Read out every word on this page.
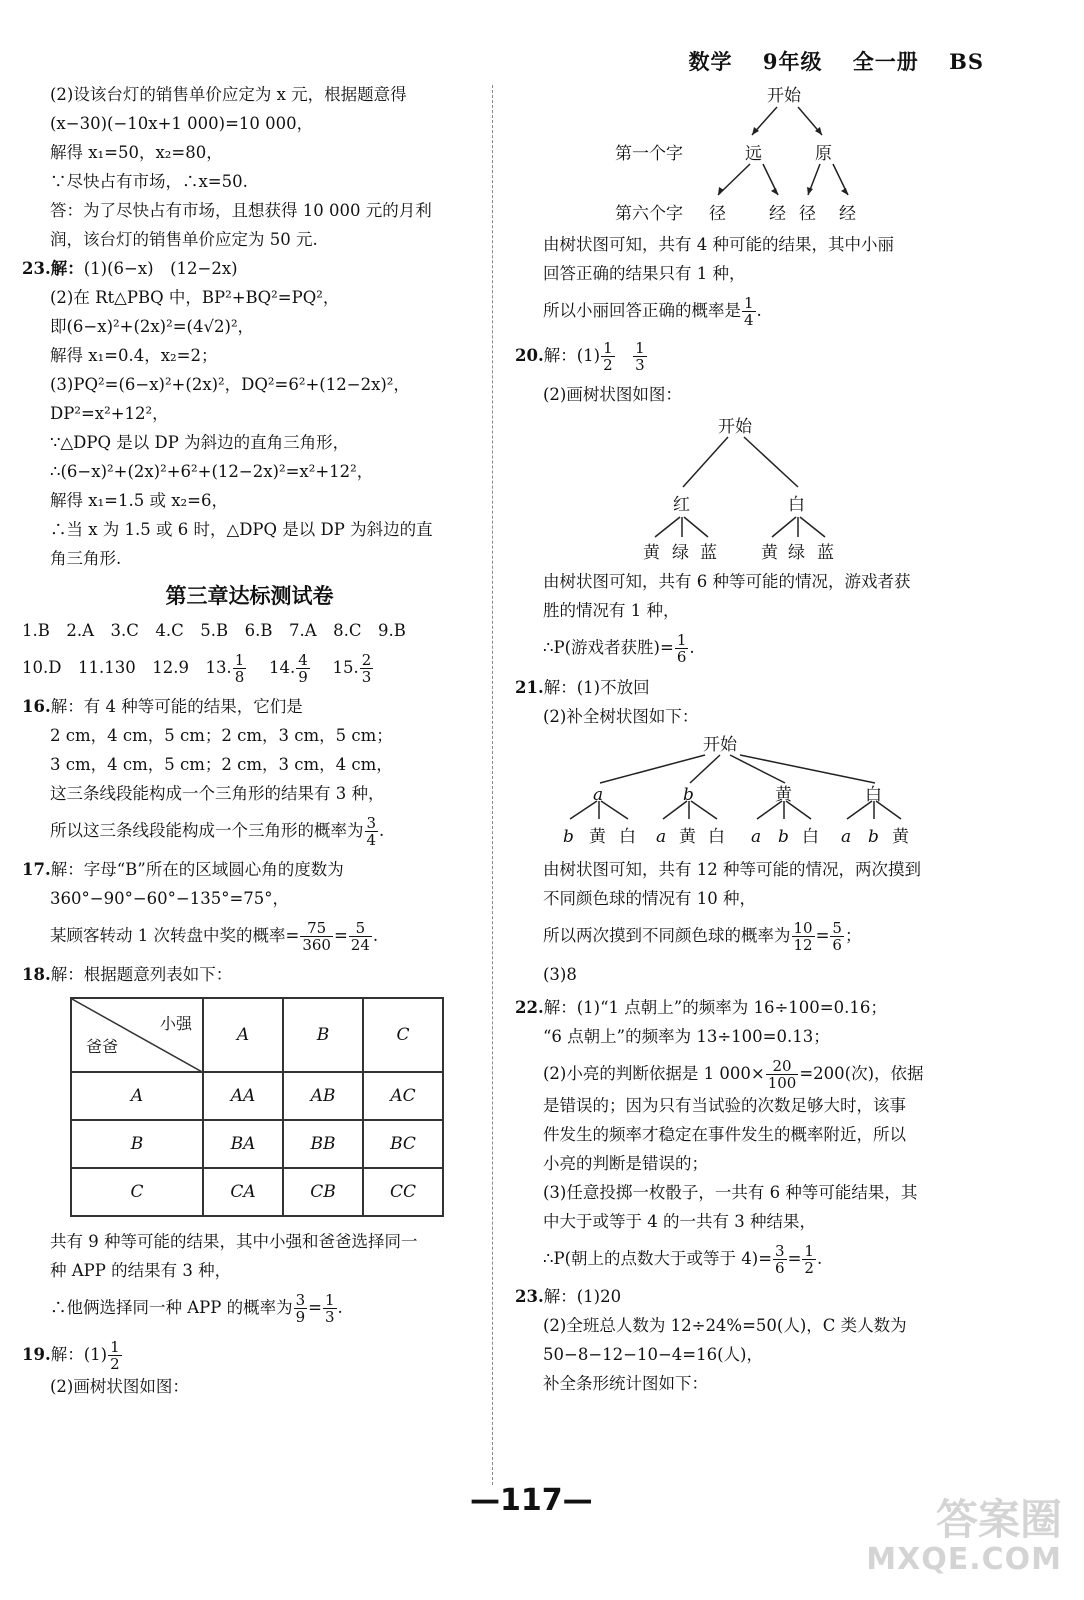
数学 9年级 全一册 BS
(2)设该台灯的销售单价应定为 x 元，根据题意得
(x−30)(−10x+1 000)=10 000，
解得 x₁=50，x₂=80，
∵尽快占有市场，∴x=50.
答：为了尽快占有市场，且想获得 10 000 元的月利
润，该台灯的销售单价应定为 50 元.
23.解：(1)(6−x)　(12−2x)
(2)在 Rt△PBQ 中，BP²+BQ²=PQ²，
即(6−x)²+(2x)²=(4√2)²，
解得 x₁=0.4，x₂=2；
(3)PQ²=(6−x)²+(2x)²，DQ²=6²+(12−2x)²，
DP²=x²+12²，
∵△DPQ 是以 DP 为斜边的直角三角形，
∴(6−x)²+(2x)²+6²+(12−2x)²=x²+12²，
解得 x₁=1.5 或 x₂=6，
∴当 x 为 1.5 或 6 时，△DPQ 是以 DP 为斜边的直
角三角形.
第三章达标测试卷
1.B　2.A　3.C　4.C　5.B　6.B　7.A　8.C　9.B
10.D　11.130　12.9　13. $\frac{1}{8}$
　 14. $\frac{4}{9}$
　 15. $\frac{2}{3}$
16.解：有 4 种等可能的结果，它们是
2 cm，4 cm，5 cm；2 cm，3 cm，5 cm；
3 cm，4 cm，5 cm；2 cm，3 cm，4 cm，
这三条线段能构成一个三角形的结果有 3 种，
所以这三条线段能构成一个三角形的概率为 $\frac{3}{4}$ .
17.解：字母“B”所在的区域圆心角的度数为
360°−90°−60°−135°=75°，
某顾客转动 1 次转盘中奖的概率= $\frac{75}{360} = \frac{5}{24}$ .
18.解：根据题意列表如下：
小强
爸爸	A	B	C
A	AA	AB	AC
B	BA	BB	BC
C	CA	CB	CC
共有 9 种等可能的结果，其中小强和爸爸选择同一
种 APP 的结果有 3 种，
∴他俩选择同一种 APP 的概率为 $\frac{3}{9} = \frac{1}{3}$ .
19.解：$(1) \frac{1}{2}$
(2)画树状图如图：
开始
第一个字	远	原
第六个字 径	经 径 经
由树状图可知，共有 4 种可能的结果，其中小丽
回答正确的结果只有 1 种，
所以小丽回答正确的概率是 $\frac{1}{4}$ .
20.解：$(1) \frac{1}{2}$
　 $\frac{1}{3}$
(2)画树状图如图：
开始
红	白
黄 绿 蓝	黄 绿 蓝
由树状图可知，共有 6 种等可能的情况，游戏者获
胜的情况有 1 种，
∴P(游戏者获胜)= $\frac{1}{6}$ .
21.解：(1)不放回
(2)补全树状图如下：
开始
a	b	黄	白
b 黄 白 a 黄 白 a b 白 a b 黄
由树状图可知，共有 12 种等可能的情况，两次摸到
不同颜色球的情况有 10 种，
所以两次摸到不同颜色球的概率为 $\frac{10}{12} = \frac{5}{6}$ ；
(3)8
22.解：(1)“1 点朝上”的频率为 16÷100=0.16；
“6 点朝上”的频率为 13÷100=0.13；
(2)小亮的判断依据是 1 $000\times \frac{20}{100} =200$(次)，依据
是错误的；因为只有当试验的次数足够大时，该事
件发生的频率才稳定在事件发生的概率附近，所以
小亮的判断是错误的；
(3)任意投掷一枚骰子，一共有 6 种等可能结果，其
中大于或等于 4 的一共有 3 种结果，
∴P(朝上的点数大于或等于 $4)= \frac{3}{6} = \frac{1}{2}$ .
23.解：(1)20
(2)全班总人数为 12÷24%=50(人)，C 类人数为
50−8−12−10−4=16(人)，
补全条形统计图如下：
—117—	答案圈
MXQE.COM
